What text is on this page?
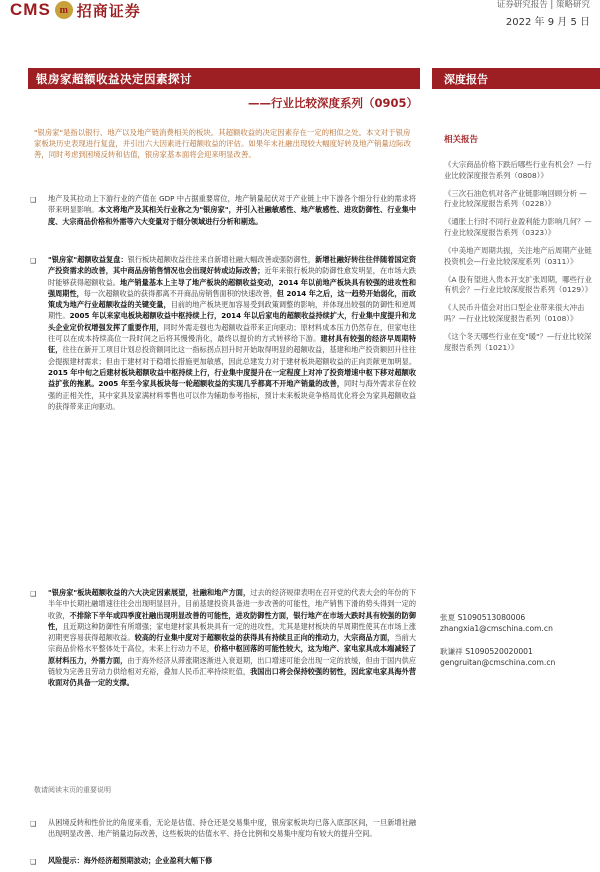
CMS m 招商证券	证券研究报告 | 策略研究
2022 年 9 月 5 日
银房家超额收益决定因素探讨
——行业比较深度系列（0905）
深度报告
"银房家"是指以银行、地产以及地产链消费相关的板块。其超额收益的决定因素存在一定的相似之处。本文对于银房家板块历史表现进行复盘，并引出六大因素进行超额收益的评估。如果年末社融出现较大幅度好转及地产销量边际改善，同时考虑到困境反转和估值，银房家基本面将会迎来明显改善。
❑ 地产及其拉动上下游行业的产值在 GDP 中占据重要席位，地产销量起伏对于产业链上中下游各个细分行业的需求将带来明显影响。本文将地产及其相关行业称之为"银房家"，并引入社融敏感性、地产敏感性、进攻防御性、行业集中度、大宗商品价格和外需等六大变量对于细分领域进行分析和剔选。
❑ "银房家"超额收益复盘：银行板块超额收益往往来自新增社融大幅改善或强防御性，新增社融好转往往伴随着国定资产投资需求的改善，其中商品房销售情况也会出现好转或边际改善；近年来银行板块的防御性愈发明显，在市场大跌时能够获得超额收益。地产销量基本上主导了地产板块的超额收益变动，2014 年以前地产板块具有较强的进攻性和强周期性，每一次超额收益的获得都离不开商品房销售面积的快速改善，但 2014 年之后，这一趋势开始弱化，而政策成为地产行业超额收益的关键变量，目前的地产板块更加容易受到政策调整的影响，并体现出较强的防御性和逆周期性。2005 年以来家电板块超额收益中枢持续上行，2014 年以后家电的超额收益持续扩大，行业集中度提升和龙头企业定价权增强发挥了重要作用，同时外需走强也为超额收益带来正向驱动；原材料成本压力仍然存在，但家电往往可以在成本持续高位一段时间之后将其慢慢消化，最终以提价的方式转移给下游。建材具有较强的经济早周期特征，往往在新开工项目计划总投资额同比这一指标拐点回升时开始取得明显的超额收益，基建和地产投资额回升往往会提振建材需求；但由于建材对于稳增长措施更加敏感，因此总建发力对于建材板块超额收益的正向贡献更加明显。2015 年中旬之后建材板块超额收益中枢持续上行，行业集中度提升在一定程度上对冲了投资增速中枢下移对超额收益扩张的拖累。2005 年至今家具板块每一轮超额收益的实现几乎都离不开地产销量的改善，同时与海外需求存在较强的正相关性，其中家具及家满材料零售也可以作为辅助参考指标，预计未来板块竞争格局优化将会为家具超额收益的获得带来正向驱动。
❑ "银房家"板块超额收益的六大决定因素展望，社融和地产方面，过去的经济规律表明在召开党的代表大会的年份的下半年中长期社融增速往往会出现明显回升，目前基建投资具备进一步改善的可能性，地产销售下滑的势头得到一定的收敛，不排除下半年或四季度社融出现明显改善的可能性，进攻防御性方面，银行地产在市场大跌时具有较强的防御性，且近期这种防御性有所增强；家电建材家具板块具有一定的进攻性，尤其是建材板块的早周期性使其在市场上涨初期更容易获得超额收益。较高的行业集中度对于超额收益的获得具有持续且正向的推动力，大宗商品方面，当前大宗商品价格水平整体处于高位，未来上行动力不足，价格中枢回落的可能性较大，这为地产、家电家具成本端减轻了原材料压力，外需方面，由于海外经济从滞涨期逐渐进入衰退期，出口增速可能会出现一定的放缓，但由于国内供应链较为完善且劳动力供给相对充裕，叠加人民币汇率持续贬值，我国出口将会保持较强的韧性，因此家电家具海外营收面对仍具备一定的支撑。
❑ 从困境反转和性价比的角度来看，无论是估值、持仓还是交易集中度，银房家板块均已落入底部区间，一旦新增社融出现明显改善、地产销量边际改善，这些板块的估值水平、持仓比例和交易集中度均有较大的提升空间。
❑ 风险提示：海外经济超预期波动；企业盈利大幅下修
相关报告
《大宗商品价格下跌后哪些行业有机会？—行业比较深度报告系列（0808）》
《三次石油危机对各产业链影响回顾分析 —行业比较深度报告系列（0228）》
《通胀上行时不同行业盈利能力影响几何？—行业比较深度报告系列（0323）》
《中美地产周期共振，关注地产后周期产业链投资机会—行业比较深度系列（0311）》
《A 股有望进入贵本开支扩张周期，哪些行业有机会？—行业比较深度报告系列（0129）》
《人民币升值会对出口型企业带来很大冲击吗？—行业比较深度报告系列（0108）》
《这个冬天哪些行业在变"暖"？—行业比较深度报告系列（1021）》
张夏 S1090513080006
zhangxia1@cmschina.com.cn
耿谦祥 S1090520020001
gengruitan@cmschina.com.cn
敬请阅读末页的重要说明
